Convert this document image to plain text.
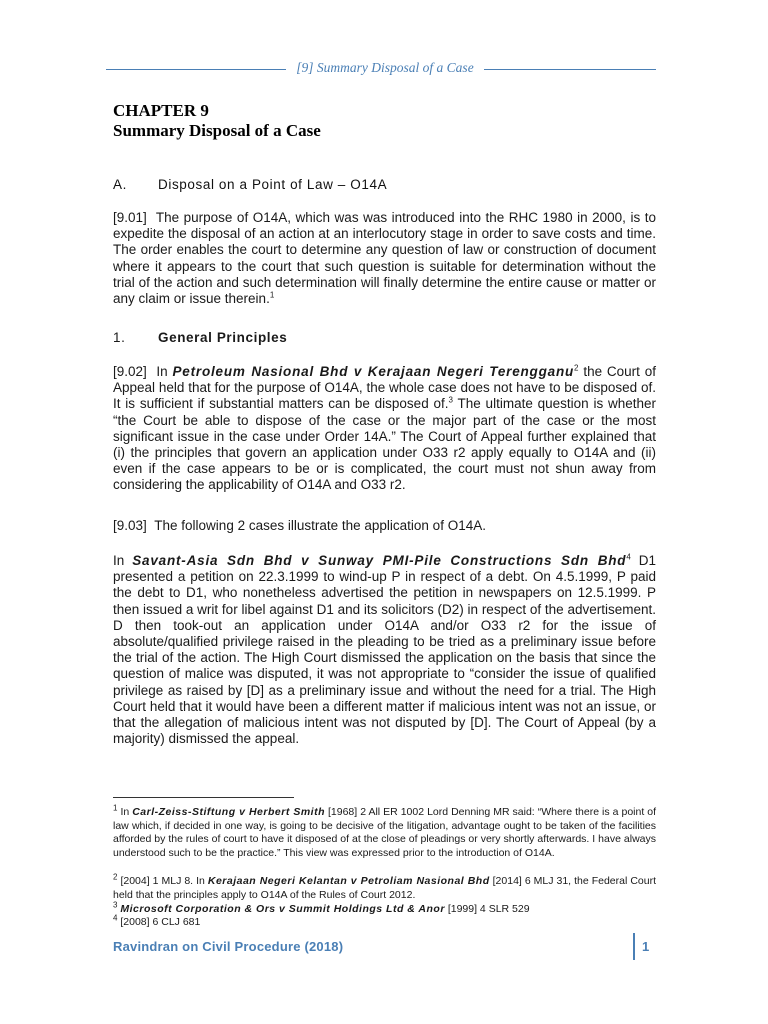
[9] Summary Disposal of a Case
CHAPTER 9
Summary Disposal of a Case
A. Disposal on a Point of Law – O14A
[9.01]  The purpose of O14A, which was was introduced into the RHC 1980 in 2000, is to expedite the disposal of an action at an interlocutory stage in order to save costs and time. The order enables the court to determine any question of law or construction of document where it appears to the court that such question is suitable for determination without the trial of the action and such determination will finally determine the entire cause or matter or any claim or issue therein.$^1$
1. General Principles
[9.02]  In Petroleum Nasional Bhd v Kerajaan Negeri Terengganu$^2$ the Court of Appeal held that for the purpose of O14A, the whole case does not have to be disposed of. It is sufficient if substantial matters can be disposed of.$^3$ The ultimate question is whether “the Court be able to dispose of the case or the major part of the case or the most significant issue in the case under Order 14A.” The Court of Appeal further explained that (i) the principles that govern an application under O33 r2 apply equally to O14A and (ii) even if the case appears to be or is complicated, the court must not shun away from considering the applicability of O14A and O33 r2.
[9.03]  The following 2 cases illustrate the application of O14A.
In Savant-Asia Sdn Bhd v Sunway PMI-Pile Constructions Sdn Bhd$^4$ D1 presented a petition on 22.3.1999 to wind-up P in respect of a debt. On 4.5.1999, P paid the debt to D1, who nonetheless advertised the petition in newspapers on 12.5.1999. P then issued a writ for libel against D1 and its solicitors (D2) in respect of the advertisement. D then took-out an application under O14A and/or O33 r2 for the issue of absolute/qualified privilege raised in the pleading to be tried as a preliminary issue before the trial of the action. The High Court dismissed the application on the basis that since the question of malice was disputed, it was not appropriate to “consider the issue of qualified privilege as raised by [D] as a preliminary issue and without the need for a trial. The High Court held that it would have been a different matter if malicious intent was not an issue, or that the allegation of malicious intent was not disputed by [D]. The Court of Appeal (by a majority) dismissed the appeal.
$^1$ In Carl-Zeiss-Stiftung v Herbert Smith [1968] 2 All ER 1002 Lord Denning MR said: “Where there is a point of law which, if decided in one way, is going to be decisive of the litigation, advantage ought to be taken of the facilities afforded by the rules of court to have it disposed of at the close of pleadings or very shortly afterwards. I have always understood such to be the practice.” This view was expressed prior to the introduction of O14A.
$^2$ [2004] 1 MLJ 8. In Kerajaan Negeri Kelantan v Petroliam Nasional Bhd [2014] 6 MLJ 31, the Federal Court held that the principles apply to O14A of the Rules of Court 2012.
$^3$ Microsoft Corporation & Ors v Summit Holdings Ltd & Anor [1999] 4 SLR 529
$^4$ [2008] 6 CLJ 681
Ravindran on Civil Procedure (2018)	1
